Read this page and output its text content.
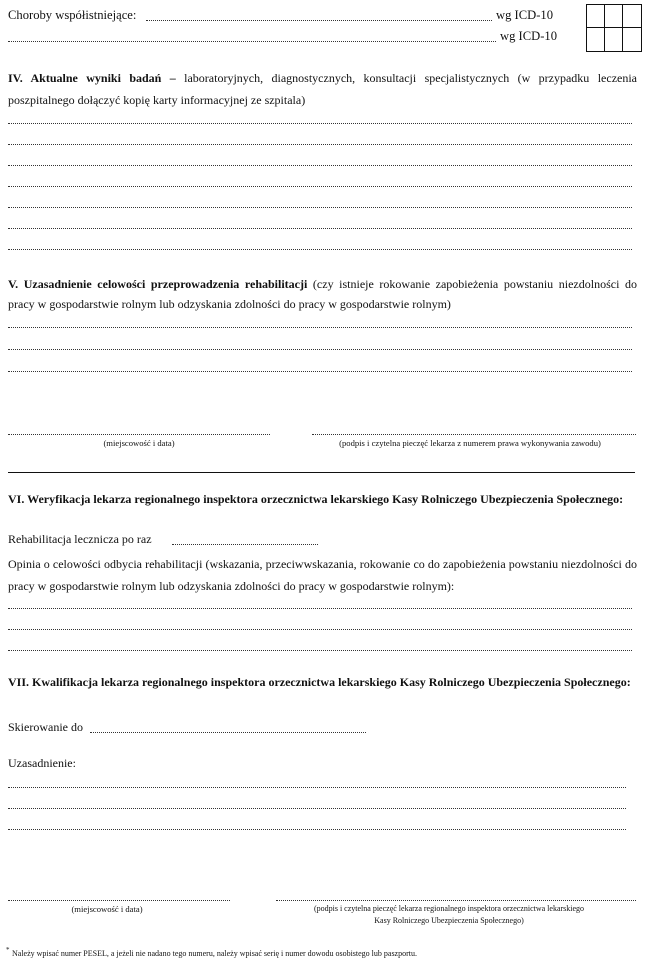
Choroby współistniejące:	wg ICD-10
wg ICD-10
IV. Aktualne wyniki badań – laboratoryjnych, diagnostycznych, konsultacji specjalistycznych (w przypadku leczenia poszpitalnego dołączyć kopię karty informacyjnej ze szpitala)
V. Uzasadnienie celowości przeprowadzenia rehabilitacji (czy istnieje rokowanie zapobieżenia powstaniu niezdolności do pracy w gospodarstwie rolnym lub odzyskania zdolności do pracy w gospodarstwie rolnym)
(miejscowość i data)	(podpis i czytelna pieczęć lekarza z numerem prawa wykonywania zawodu)
VI. Weryfikacja lekarza regionalnego inspektora orzecznictwa lekarskiego Kasy Rolniczego Ubezpieczenia Społecznego:
Rehabilitacja lecznicza po raz
Opinia o celowości odbycia rehabilitacji (wskazania, przeciwwskazania, rokowanie co do zapobieżenia powstaniu niezdolności do pracy w gospodarstwie rolnym lub odzyskania zdolności do pracy w gospodarstwie rolnym):
VII. Kwalifikacja lekarza regionalnego inspektora orzecznictwa lekarskiego Kasy Rolniczego Ubezpieczenia Społecznego:
Skierowanie do
Uzasadnienie:
(miejscowość i data)	(podpis i czytelna pieczęć lekarza regionalnego inspektora orzecznictwa lekarskiego
Kasy Rolniczego Ubezpieczenia Społecznego)
* Należy wpisać numer PESEL, a jeżeli nie nadano tego numeru, należy wpisać serię i numer dowodu osobistego lub paszportu.
